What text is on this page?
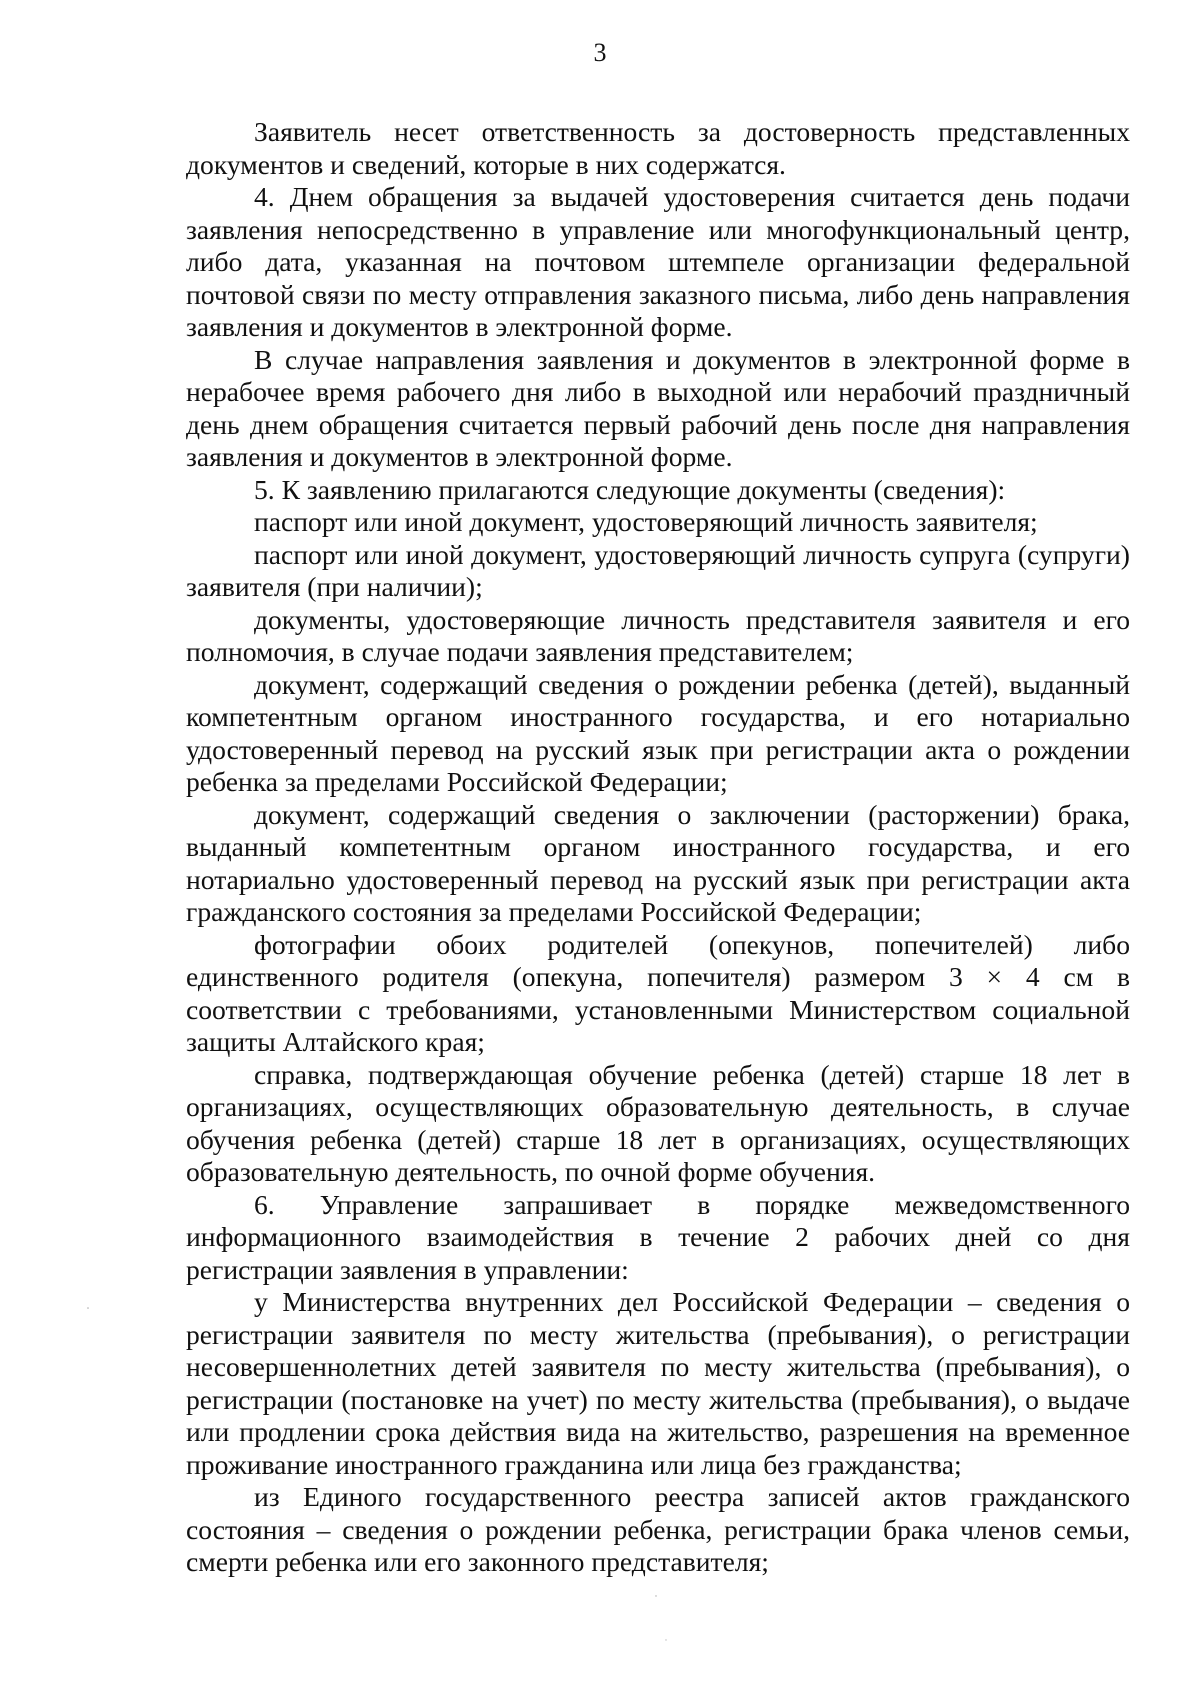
3

Заявитель несет ответственность за достоверность представленных документов и сведений, которые в них содержатся.

4. Днем обращения за выдачей удостоверения считается день подачи заявления непосредственно в управление или многофункциональный центр, либо дата, указанная на почтовом штемпеле организации федеральной почтовой связи по месту отправления заказного письма, либо день направления заявления и документов в электронной форме.

В случае направления заявления и документов в электронной форме в нерабочее время рабочего дня либо в выходной или нерабочий праздничный день днем обращения считается первый рабочий день после дня направления заявления и документов в электронной форме.

5. К заявлению прилагаются следующие документы (сведения):

паспорт или иной документ, удостоверяющий личность заявителя;

паспорт или иной документ, удостоверяющий личность супруга (супруги) заявителя (при наличии);

документы, удостоверяющие личность представителя заявителя и его полномочия, в случае подачи заявления представителем;

документ, содержащий сведения о рождении ребенка (детей), выданный компетентным органом иностранного государства, и его нотариально удостоверенный перевод на русский язык при регистрации акта о рождении ребенка за пределами Российской Федерации;

документ, содержащий сведения о заключении (расторжении) брака, выданный компетентным органом иностранного государства, и его нотариально удостоверенный перевод на русский язык при регистрации акта гражданского состояния за пределами Российской Федерации;

фотографии обоих родителей (опекунов, попечителей) либо единственного родителя (опекуна, попечителя) размером 3 × 4 см в соответствии с требованиями, установленными Министерством социальной защиты Алтайского края;

справка, подтверждающая обучение ребенка (детей) старше 18 лет в организациях, осуществляющих образовательную деятельность, в случае обучения ребенка (детей) старше 18 лет в организациях, осуществляющих образовательную деятельность, по очной форме обучения.

6. Управление запрашивает в порядке межведомственного информационного взаимодействия в течение 2 рабочих дней со дня регистрации заявления в управлении:

у Министерства внутренних дел Российской Федерации – сведения о регистрации заявителя по месту жительства (пребывания), о регистрации несовершеннолетних детей заявителя по месту жительства (пребывания), о регистрации (постановке на учет) по месту жительства (пребывания), о выдаче или продлении срока действия вида на жительство, разрешения на временное проживание иностранного гражданина или лица без гражданства;

из Единого государственного реестра записей актов гражданского состояния – сведения о рождении ребенка, регистрации брака членов семьи, смерти ребенка или его законного представителя;
